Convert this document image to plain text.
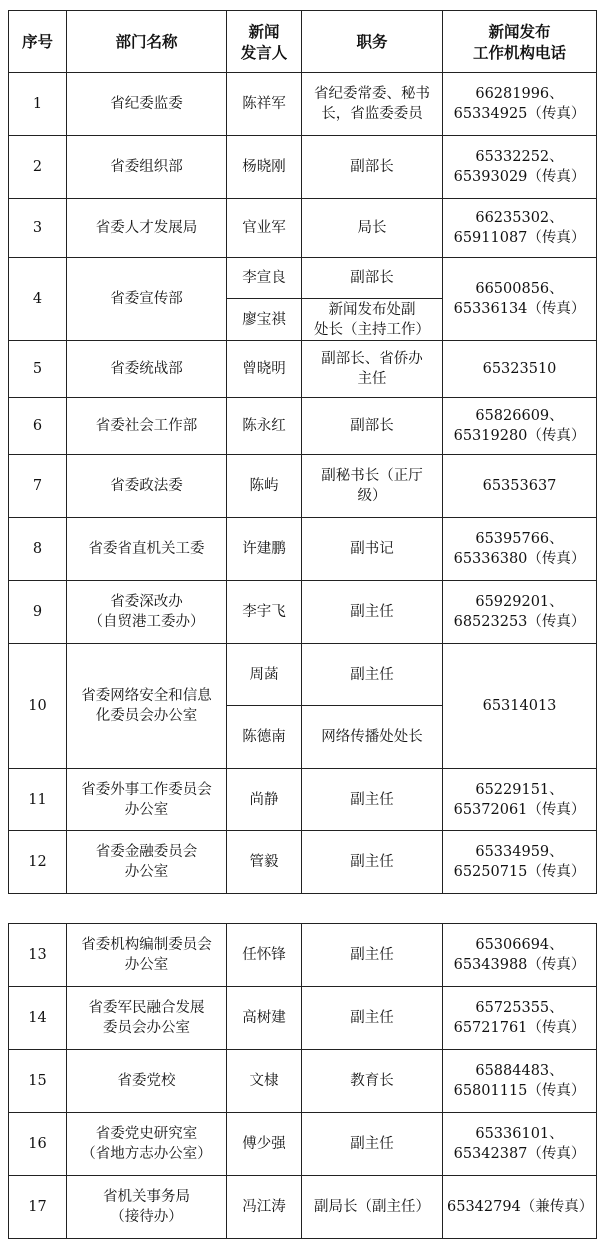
序号	部门名称	新闻
发言人	职务	新闻发布
工作机构电话
1	省纪委监委	陈祥军	省纪委常委、秘书
长，省监委委员	66281996、
65334925（传真）
2	省委组织部	杨晓刚	副部长	65332252、
65393029（传真）
3	省委人才发展局	官业军	局长	66235302、
65911087（传真）
4	省委宣传部	李宣良	副部长	66500856、
65336134（传真）
		廖宝祺	新闻发布处副
处长（主持工作）	
5	省委统战部	曾晓明	副部长、省侨办
主任	65323510
6	省委社会工作部	陈永红	副部长	65826609、
65319280（传真）
7	省委政法委	陈屿	副秘书长（正厅
级）	65353637
8	省委省直机关工委	许建鹏	副书记	65395766、
65336380（传真）
9	省委深改办
（自贸港工委办）	李宇飞	副主任	65929201、
68523253（传真）
10	省委网络安全和信息
化委员会办公室	周菡	副主任	65314013
		陈德南	网络传播处处长	
11	省委外事工作委员会
办公室	尚静	副主任	65229151、
65372061（传真）
12	省委金融委员会
办公室	管毅	副主任	65334959、
65250715（传真）
13	省委机构编制委员会
办公室	任怀锋	副主任	65306694、
65343988（传真）
14	省委军民融合发展
委员会办公室	高树建	副主任	65725355、
65721761（传真）
15	省委党校	文棣	教育长	65884483、
65801115（传真）
16	省委党史研究室
（省地方志办公室）	傅少强	副主任	65336101、
65342387（传真）
17	省机关事务局
（接待办）	冯江涛	副局长（副主任）	65342794（兼传真）
